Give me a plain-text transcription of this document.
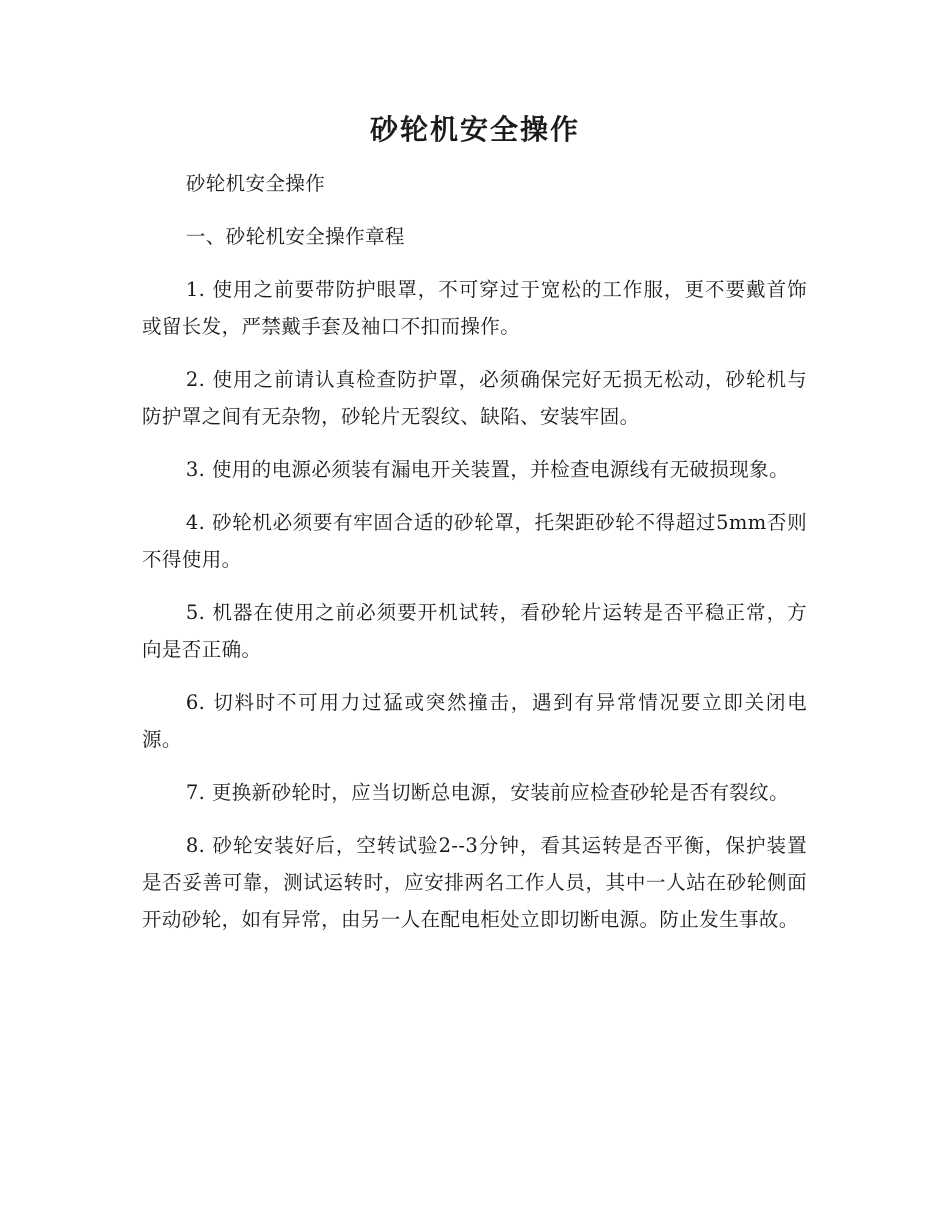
砂轮机安全操作

砂轮机安全操作

一、砂轮机安全操作章程

1. 使用之前要带防护眼罩，不可穿过于宽松的工作服，更不要戴首饰或留长发，严禁戴手套及袖口不扣而操作。

2. 使用之前请认真检查防护罩，必须确保完好无损无松动，砂轮机与防护罩之间有无杂物，砂轮片无裂纹、缺陷、安装牢固。

3. 使用的电源必须装有漏电开关装置，并检查电源线有无破损现象。

4. 砂轮机必须要有牢固合适的砂轮罩，托架距砂轮不得超过5mm否则不得使用。

5. 机器在使用之前必须要开机试转，看砂轮片运转是否平稳正常，方向是否正确。

6. 切料时不可用力过猛或突然撞击，遇到有异常情况要立即关闭电源。

7. 更换新砂轮时，应当切断总电源，安装前应检查砂轮是否有裂纹。

8. 砂轮安装好后，空转试验2--3分钟，看其运转是否平衡，保护装置是否妥善可靠，测试运转时，应安排两名工作人员，其中一人站在砂轮侧面开动砂轮，如有异常，由另一人在配电柜处立即切断电源。防止发生事故。
